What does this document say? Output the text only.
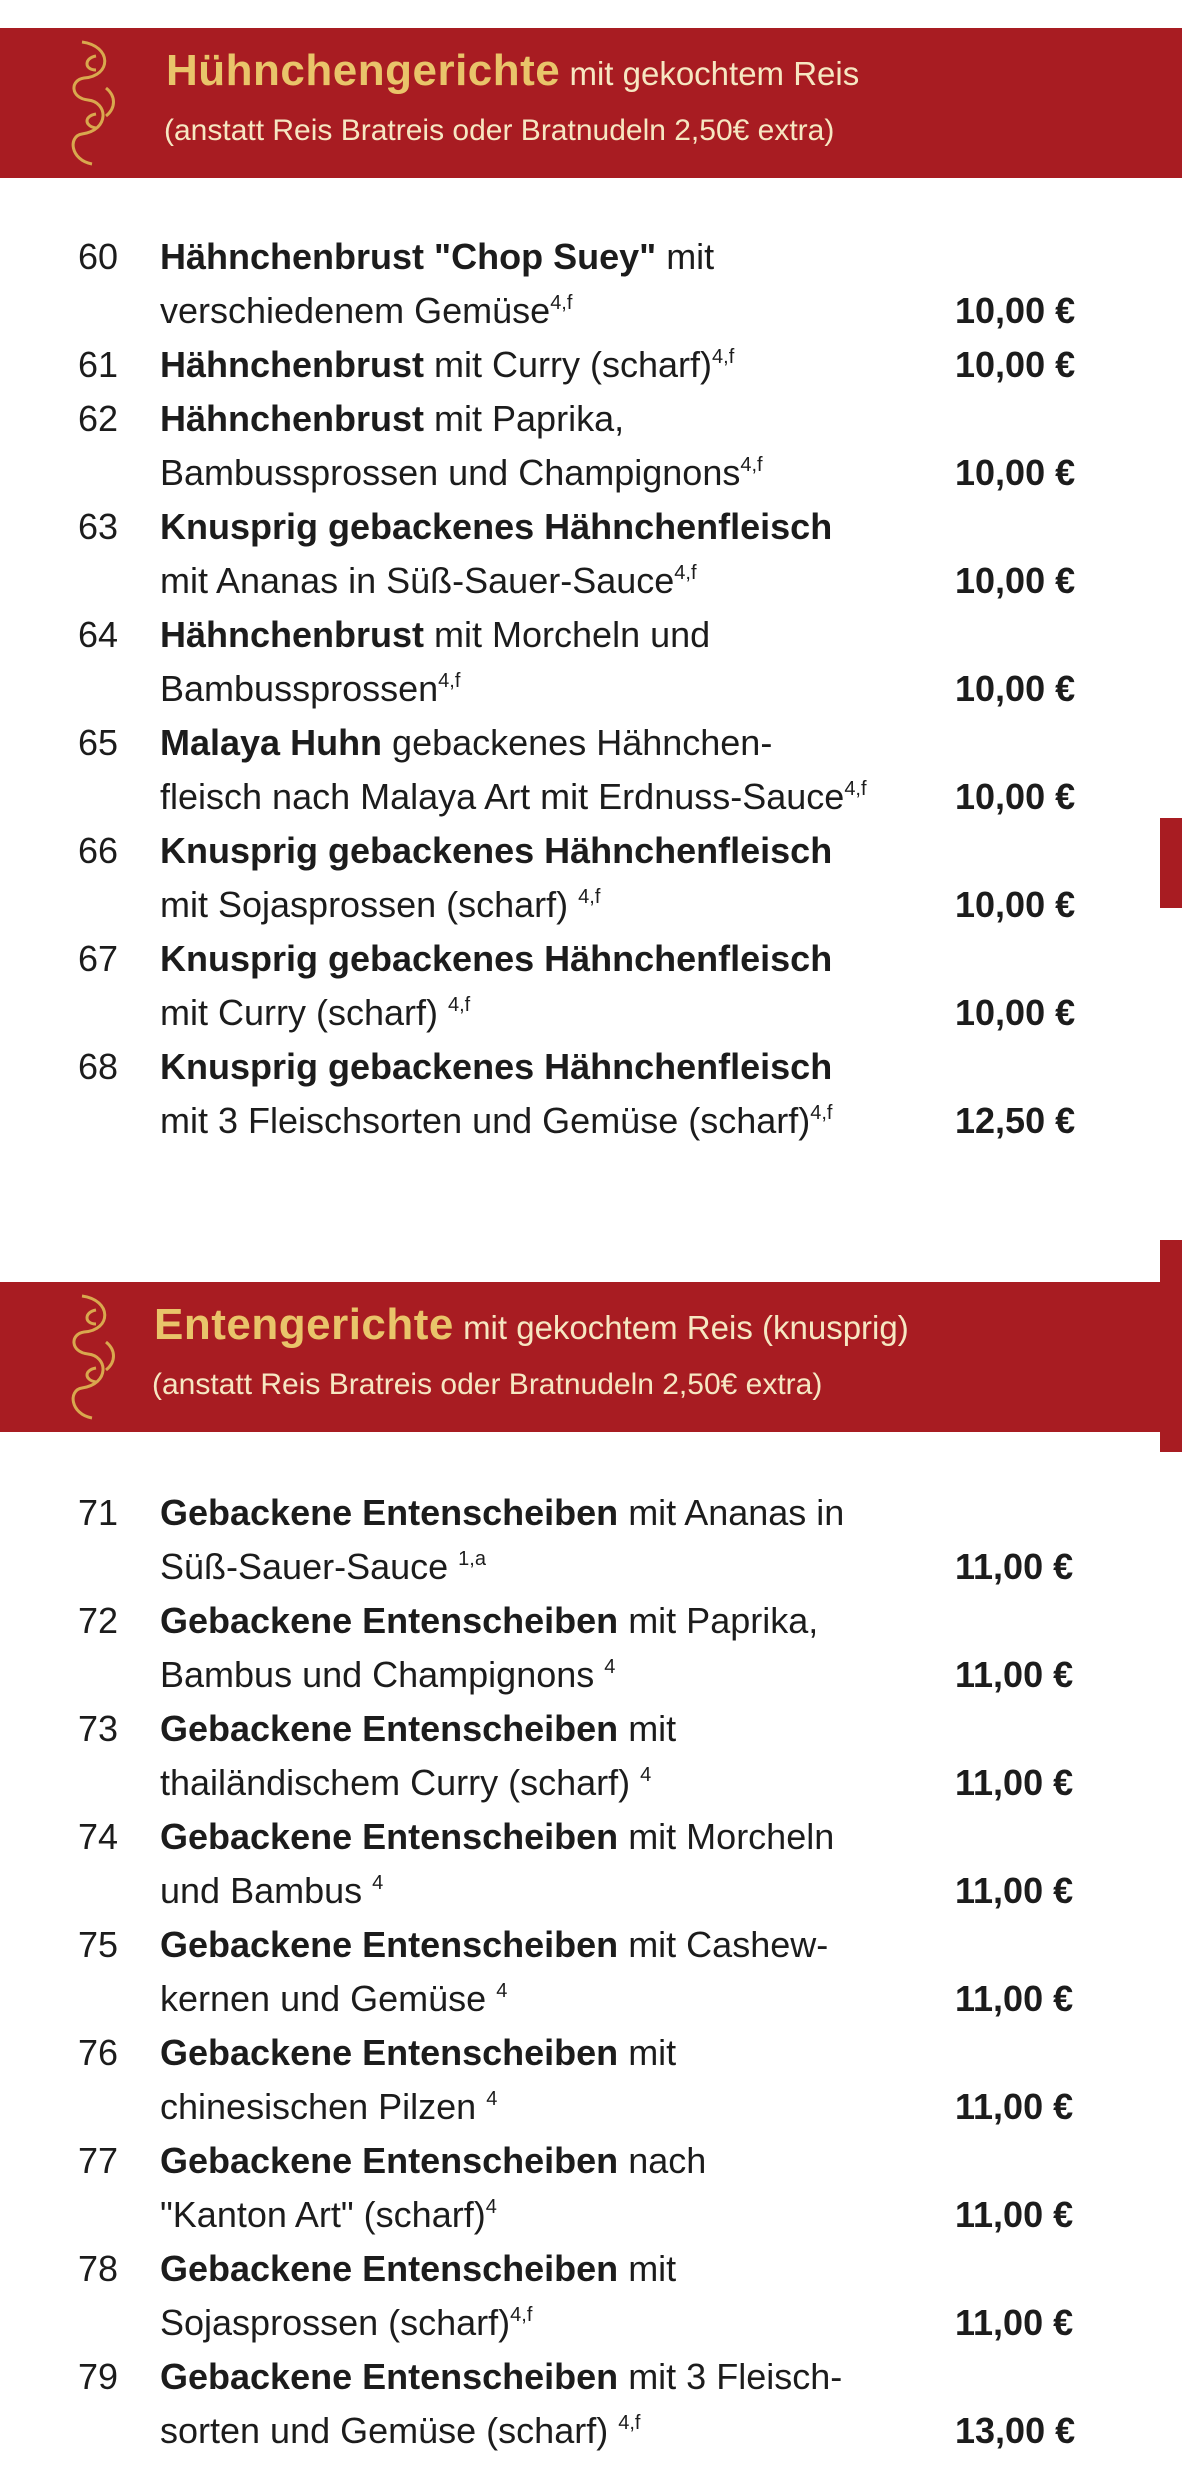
Hühnchengerichte mit gekochtem Reis
(anstatt Reis Bratreis oder Bratnudeln 2,50€ extra)
60	Hähnchenbrust "Chop Suey" mit
verschiedenem Gemüse$^{4,f}$	10,00 €
61	Hähnchenbrust mit Curry (scharf)$^{4,f}$	10,00 €
62	Hähnchenbrust mit Paprika,
Bambussprossen und Champignons$^{4,f}$	10,00 €
63	Knusprig gebackenes Hähnchenfleisch
mit Ananas in Süß-Sauer-Sauce$^{4,f}$	10,00 €
64	Hähnchenbrust mit Morcheln und
Bambussprossen$^{4,f}$	10,00 €
65	Malaya Huhn gebackenes Hähnchen-
fleisch nach Malaya Art mit Erdnuss-Sauce$^{4,f}$	10,00 €
66	Knusprig gebackenes Hähnchenfleisch
mit Sojasprossen (scharf) $^{4,f}$	10,00 €
67	Knusprig gebackenes Hähnchenfleisch
mit Curry (scharf) $^{4,f}$	10,00 €
68	Knusprig gebackenes Hähnchenfleisch
mit 3 Fleischsorten und Gemüse (scharf)$^{4,f}$	12,50 €
Entengerichte mit gekochtem Reis (knusprig)
(anstatt Reis Bratreis oder Bratnudeln 2,50€ extra)
71	Gebackene Entenscheiben mit Ananas in
Süß-Sauer-Sauce $^{1,a}$	11,00 €
72	Gebackene Entenscheiben mit Paprika,
Bambus und Champignons $^4$	11,00 €
73	Gebackene Entenscheiben mit
thailändischem Curry (scharf) $^4$	11,00 €
74	Gebackene Entenscheiben mit Morcheln
und Bambus $^4$	11,00 €
75	Gebackene Entenscheiben mit Cashew-
kernen und Gemüse $^4$	11,00 €
76	Gebackene Entenscheiben mit
chinesischen Pilzen $^4$	11,00 €
77	Gebackene Entenscheiben nach
"Kanton Art" (scharf)$^4$	11,00 €
78	Gebackene Entenscheiben mit
Sojasprossen (scharf)$^{4,f}$	11,00 €
79	Gebackene Entenscheiben mit 3 Fleisch-
sorten und Gemüse (scharf) $^{4,f}$	13,00 €
